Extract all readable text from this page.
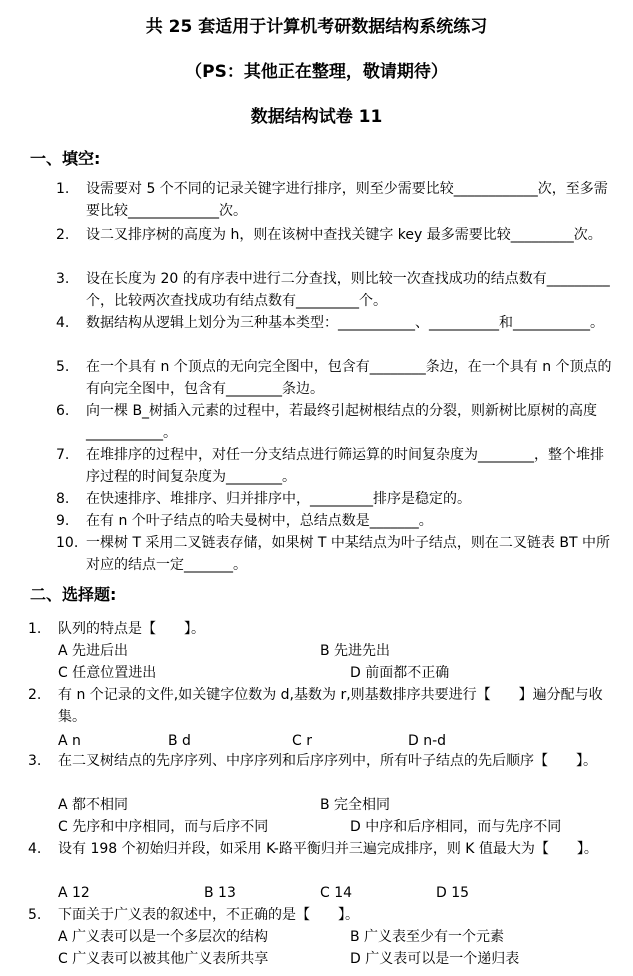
共 25 套适用于计算机考研数据结构系统练习
（PS：其他正在整理，敬请期待）
数据结构试卷 11
一、填空:
1. 设需要对 5 个不同的记录关键字进行排序，则至少需要比较____________次，至多需要比较_____________次。
2. 设二叉排序树的高度为 h，则在该树中查找关键字 key 最多需要比较_________次。
3. 设在长度为 20 的有序表中进行二分查找，则比较一次查找成功的结点数有_________个，比较两次查找成功有结点数有_________个。
4. 数据结构从逻辑上划分为三种基本类型：___________、__________和___________。
5. 在一个具有 n 个顶点的无向完全图中，包含有________条边，在一个具有 n 个顶点的有向完全图中，包含有________条边。
6. 向一棵 B_树插入元素的过程中，若最终引起树根结点的分裂，则新树比原树的高度___________。
7. 在堆排序的过程中，对任一分支结点进行筛运算的时间复杂度为________，整个堆排序过程的时间复杂度为________。
8. 在快速排序、堆排序、归并排序中，_________排序是稳定的。
9. 在有 n 个叶子结点的哈夫曼树中，总结点数是_______。
10. 一棵树 T 采用二叉链表存储，如果树 T 中某结点为叶子结点，则在二叉链表 BT 中所对应的结点一定_______。
二、选择题:
1. 队列的特点是【　　】。
A 先进后出	B 先进先出
C 任意位置进出	D 前面都不正确
2. 有 n 个记录的文件,如关键字位数为 d,基数为 r,则基数排序共要进行【　　】遍分配与收集。
A n	B d	C r	D n-d
3. 在二叉树结点的先序序列、中序序列和后序序列中，所有叶子结点的先后顺序【　　】。
A 都不相同	B 完全相同
C 先序和中序相同，而与后序不同	D 中序和后序相同，而与先序不同
4. 设有 198 个初始归并段，如采用 K-路平衡归并三遍完成排序，则 K 值最大为【　　】。
A 12	B 13	C 14	D 15
5. 下面关于广义表的叙述中，不正确的是【　　】。
A 广义表可以是一个多层次的结构	B 广义表至少有一个元素
C 广义表可以被其他广义表所共享	D 广义表可以是一个递归表
